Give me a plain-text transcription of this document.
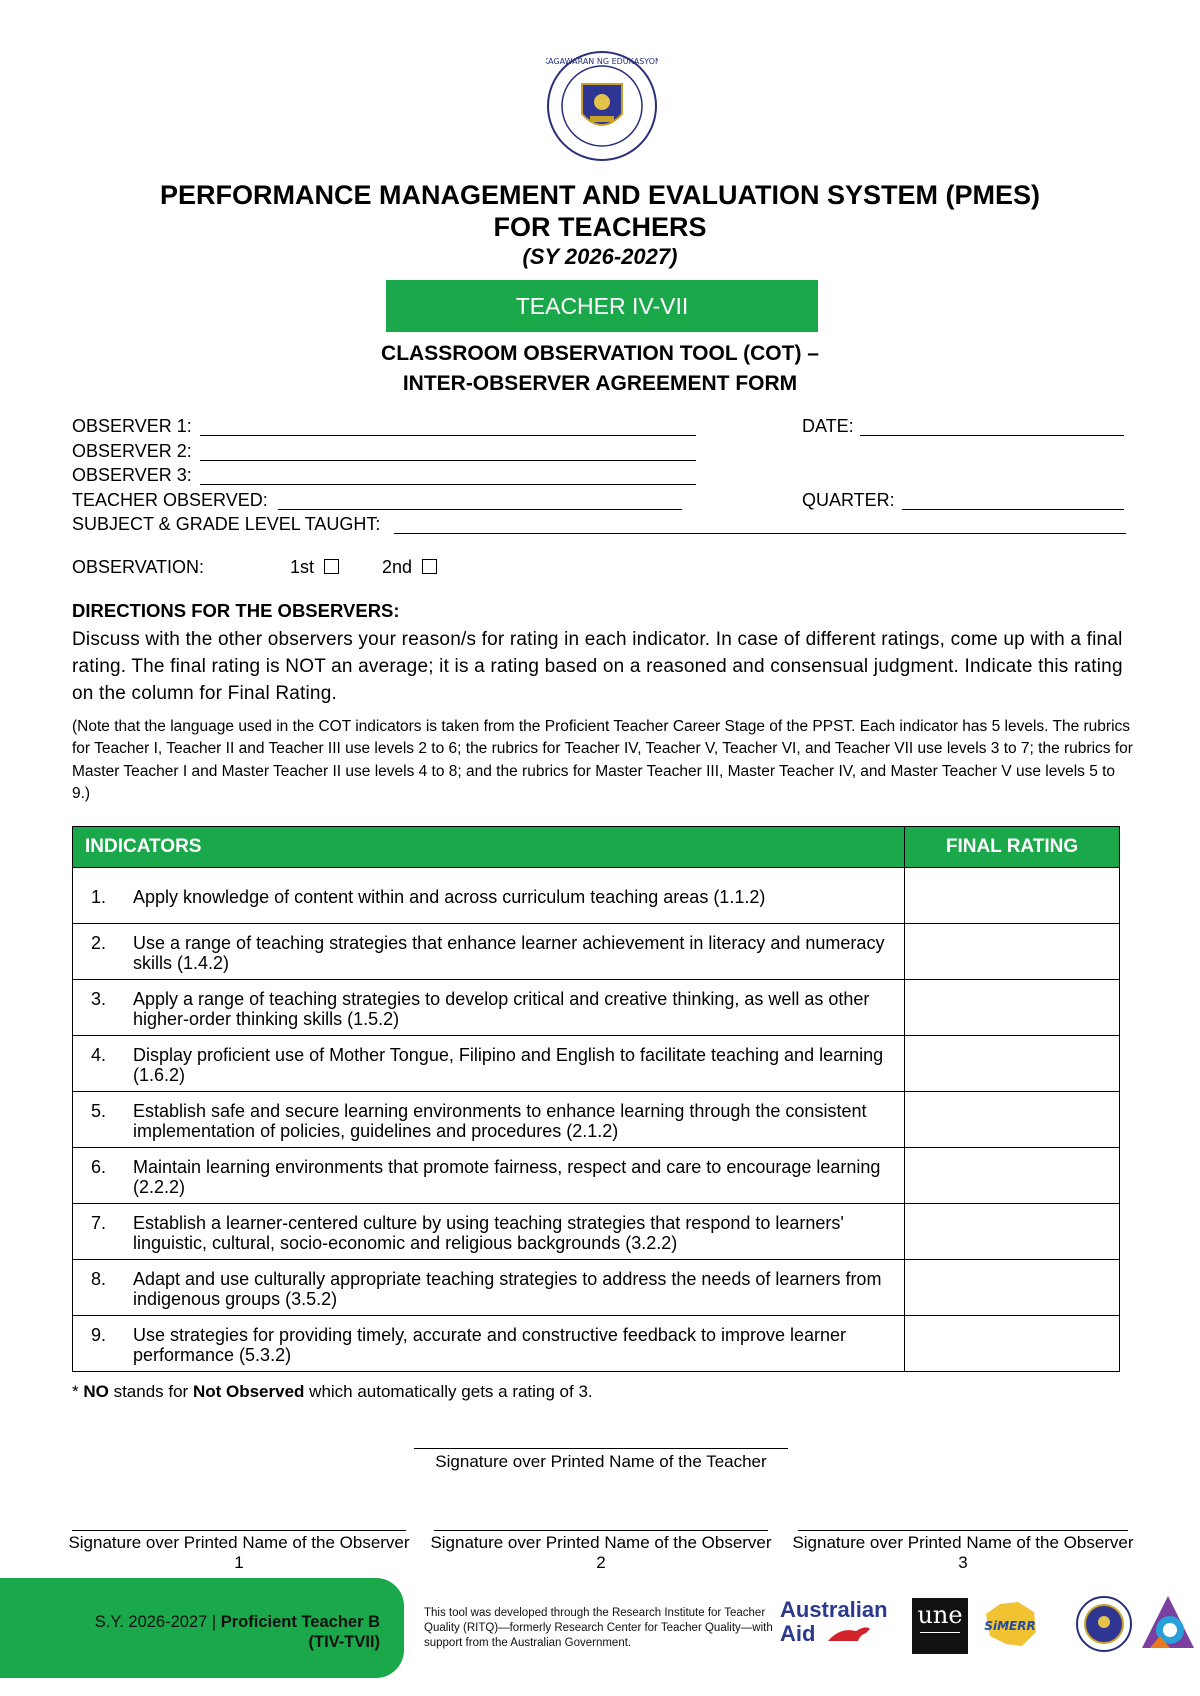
KAGAWARAN NG EDUKASYON
PERFORMANCE MANAGEMENT AND EVALUATION SYSTEM (PMES)
FOR TEACHERS
(SY 2026-2027)
TEACHER IV-VII
CLASSROOM OBSERVATION TOOL (COT) –
INTER-OBSERVER AGREEMENT FORM
OBSERVER 1:
OBSERVER 2:
OBSERVER 3:
TEACHER OBSERVED:
SUBJECT & GRADE LEVEL TAUGHT:
DATE:
QUARTER:
OBSERVATION:	1st	2nd
DIRECTIONS FOR THE OBSERVERS:
Discuss with the other observers your reason/s for rating in each indicator. In case of different ratings, come up with a final rating. The final rating is NOT an average; it is a rating based on a reasoned and consensual judgment. Indicate this rating on the column for Final Rating.
(Note that the language used in the COT indicators is taken from the Proficient Teacher Career Stage of the PPST. Each indicator has 5 levels. The rubrics for Teacher I, Teacher II and Teacher III use levels 2 to 6; the rubrics for Teacher IV, Teacher V, Teacher VI, and Teacher VII use levels 3 to 7; the rubrics for Master Teacher I and Master Teacher II use levels 4 to 8; and the rubrics for Master Teacher III, Master Teacher IV, and Master Teacher V use levels 5 to 9.)
INDICATORS	FINAL RATING

1. Apply knowledge of content within and across curriculum teaching areas (1.1.2)	

2. Use a range of teaching strategies that enhance learner achievement in literacy and numeracy skills (1.4.2)	

3. Apply a range of teaching strategies to develop critical and creative thinking, as well as other higher-order thinking skills (1.5.2)	

4. Display proficient use of Mother Tongue, Filipino and English to facilitate teaching and learning (1.6.2)	

5. Establish safe and secure learning environments to enhance learning through the consistent implementation of policies, guidelines and procedures (2.1.2)	

6. Maintain learning environments that promote fairness, respect and care to encourage learning (2.2.2)	

7. Establish a learner-centered culture by using teaching strategies that respond to learners' linguistic, cultural, socio-economic and religious backgrounds (3.2.2)	

8. Adapt and use culturally appropriate teaching strategies to address the needs of learners from indigenous groups (3.5.2)	

9. Use strategies for providing timely, accurate and constructive feedback to improve learner performance (5.3.2)	

* NO stands for Not Observed which automatically gets a rating of 3.
Signature over Printed Name of the Teacher
Signature over Printed Name of the Observer 1
Signature over Printed Name of the Observer 2
Signature over Printed Name of the Observer 3
S.Y. 2026-2027 | Proficient Teacher B
(TIV-TVII)
This tool was developed through the Research Institute for Teacher Quality (RITQ)—formerly Research Center for Teacher Quality—with support from the Australian Government.
Australian
Aid
une	SiMERR
